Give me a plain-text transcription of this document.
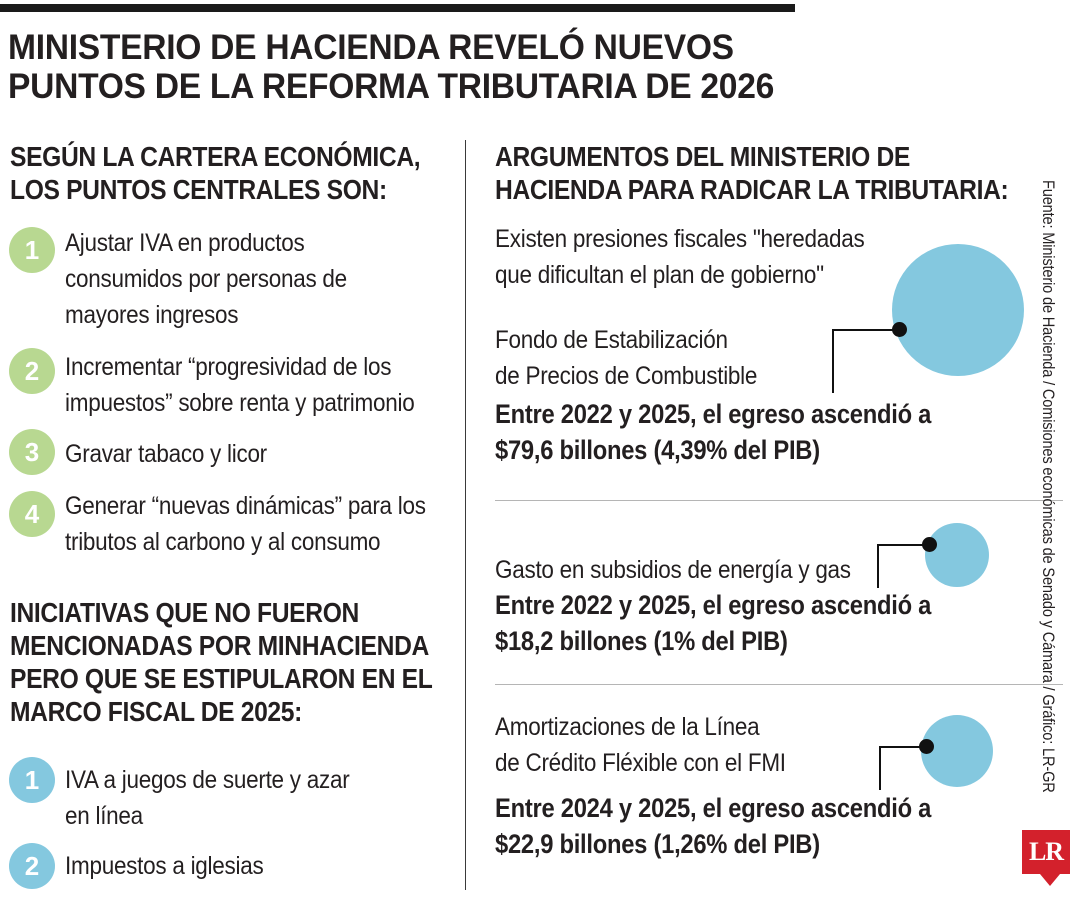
MINISTERIO DE HACIENDA REVELÓ NUEVOS
PUNTOS DE LA REFORMA TRIBUTARIA DE 2026
SEGÚN LA CARTERA ECONÓMICA,
LOS PUNTOS CENTRALES SON:
1	Ajustar IVA en productos
consumidos por personas de
mayores ingresos
2	Incrementar “progresividad de los
impuestos” sobre renta y patrimonio
3	Gravar tabaco y licor
4	Generar “nuevas dinámicas” para los
tributos al carbono y al consumo
INICIATIVAS QUE NO FUERON
MENCIONADAS POR MINHACIENDA
PERO QUE SE ESTIPULARON EN EL
MARCO FISCAL DE 2025:
1	IVA a juegos de suerte y azar
en línea
2	Impuestos a iglesias
ARGUMENTOS DEL MINISTERIO DE
HACIENDA PARA RADICAR LA TRIBUTARIA:
Existen presiones fiscales "heredadas
que dificultan el plan de gobierno"
Fondo de Estabilización
de Precios de Combustible
Entre 2022 y 2025, el egreso ascendió a
$79,6 billones (4,39% del PIB)
Gasto en subsidios de energía y gas
Entre 2022 y 2025, el egreso ascendió a
$18,2 billones (1% del PIB)
Amortizaciones de la Línea
de Crédito Fléxible con el FMI
Entre 2024 y 2025, el egreso ascendió a
$22,9 billones (1,26% del PIB)
Fuente: Ministerio de Hacienda / Comisiones económicas de Senado y Cámara / Gráfico: LR-GR
LR
